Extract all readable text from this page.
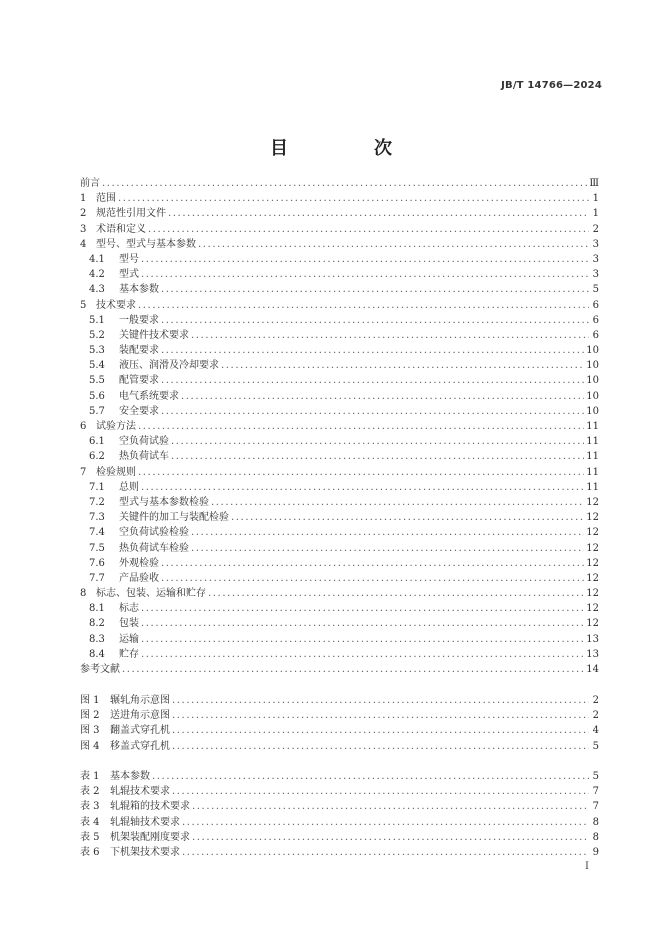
JB/T 14766—2024
目　次
前言 .....	Ⅲ
1 范围 .....	1
2 规范性引用文件 .....	1
3 术语和定义 .....	2
4 型号、型式与基本参数 .....	3
4.1	型号 .....	3
4.2	型式 .....	3
4.3	基本参数 .....	5
5 技术要求 .....	6
5.1	一般要求 .....	6
5.2	关键件技术要求 .....	6
5.3	装配要求 .....	10
5.4	液压、润滑及冷却要求 .....	10
5.5	配管要求 .....	10
5.6	电气系统要求 .....	10
5.7	安全要求 .....	10
6 试验方法 .....	11
6.1	空负荷试验 .....	11
6.2	热负荷试车 .....	11
7 检验规则 .....	11
7.1	总则 .....	11
7.2	型式与基本参数检验 .....	12
7.3	关键件的加工与装配检验 .....	12
7.4	空负荷试验检验 .....	12
7.5	热负荷试车检验 .....	12
7.6	外观检验 .....	12
7.7	产品验收 .....	12
8 标志、包装、运输和贮存 .....	12
8.1	标志 .....	12
8.2	包装 .....	12
8.3	运输 .....	13
8.4	贮存 .....	13
参考文献 .....	14
图 1	辗轧角示意图 .....	2
图 2	送进角示意图 .....	2
图 3	翻盖式穿孔机 .....	4
图 4	移盖式穿孔机 .....	5
表 1	基本参数 .....	5
表 2	轧辊技术要求 .....	7
表 3	轧辊箱的技术要求 .....	7
表 4	轧辊轴技术要求 .....	8
表 5	机架装配刚度要求 .....	8
表 6	下机架技术要求 .....	9
I
